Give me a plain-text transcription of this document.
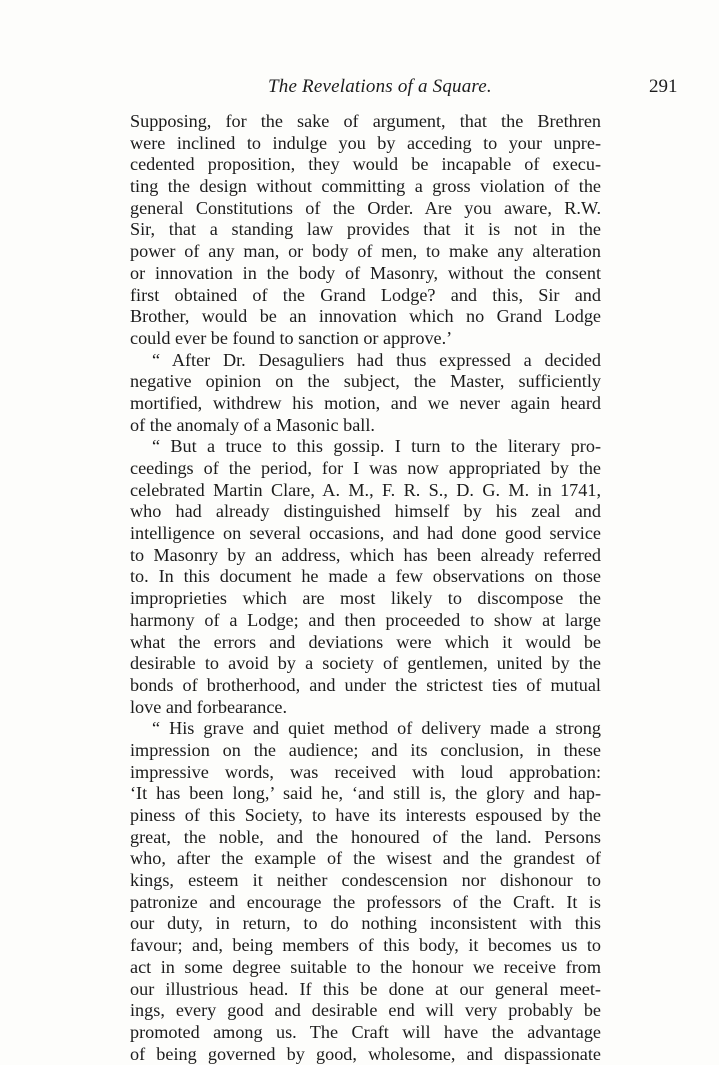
The Revelations of a Square.	291
Supposing, for the sake of argument, that the Brethren
were inclined to indulge you by acceding to your unpre-
cedented proposition, they would be incapable of execu-
ting the design without committing a gross violation of the
general Constitutions of the Order. Are you aware, R.W.
Sir, that a standing law provides that it is not in the
power of any man, or body of men, to make any alteration
or innovation in the body of Masonry, without the consent
first obtained of the Grand Lodge? and this, Sir and
Brother, would be an innovation which no Grand Lodge
could ever be found to sanction or approve.’
“ After Dr. Desaguliers had thus expressed a decided
negative opinion on the subject, the Master, sufficiently
mortified, withdrew his motion, and we never again heard
of the anomaly of a Masonic ball.
“ But a truce to this gossip. I turn to the literary pro-
ceedings of the period, for I was now appropriated by the
celebrated Martin Clare, A. M., F. R. S., D. G. M. in 1741,
who had already distinguished himself by his zeal and
intelligence on several occasions, and had done good service
to Masonry by an address, which has been already referred
to. In this document he made a few observations on those
improprieties which are most likely to discompose the
harmony of a Lodge; and then proceeded to show at large
what the errors and deviations were which it would be
desirable to avoid by a society of gentlemen, united by the
bonds of brotherhood, and under the strictest ties of mutual
love and forbearance.
“ His grave and quiet method of delivery made a strong
impression on the audience; and its conclusion, in these
impressive words, was received with loud approbation:
‘It has been long,’ said he, ‘and still is, the glory and hap-
piness of this Society, to have its interests espoused by the
great, the noble, and the honoured of the land. Persons
who, after the example of the wisest and the grandest of
kings, esteem it neither condescension nor dishonour to
patronize and encourage the professors of the Craft. It is
our duty, in return, to do nothing inconsistent with this
favour; and, being members of this body, it becomes us to
act in some degree suitable to the honour we receive from
our illustrious head. If this be done at our general meet-
ings, every good and desirable end will very probably be
promoted among us. The Craft will have the advantage
of being governed by good, wholesome, and dispassionate
